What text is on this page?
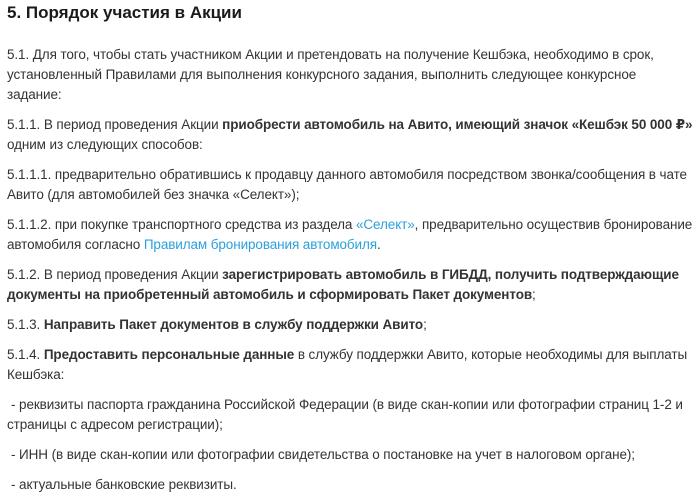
5. Порядок участия в Акции

5.1. Для того, чтобы стать участником Акции и претендовать на получение Кешбэка, необходимо в срок, установленный Правилами для выполнения конкурсного задания, выполнить следующее конкурсное задание:

5.1.1. В период проведения Акции приобрести автомобиль на Авито, имеющий значок «Кешбэк 50 000 ₽» одним из следующих способов:

5.1.1.1. предварительно обратившись к продавцу данного автомобиля посредством звонка/сообщения в чате Авито (для автомобилей без значка «Селект»);

5.1.1.2. при покупке транспортного средства из раздела «Селект», предварительно осуществив бронирование автомобиля согласно Правилам бронирования автомобиля.

5.1.2. В период проведения Акции зарегистрировать автомобиль в ГИБДД, получить подтверждающие документы на приобретенный автомобиль и сформировать Пакет документов;

5.1.3. Направить Пакет документов в службу поддержки Авито;

5.1.4. Предоставить персональные данные в службу поддержки Авито, которые необходимы для выплаты Кешбэка:

- реквизиты паспорта гражданина Российской Федерации (в виде скан-копии или фотографии страниц 1-2 и страницы с адресом регистрации);

- ИНН (в виде скан-копии или фотографии свидетельства о постановке на учет в налоговом органе);

- актуальные банковские реквизиты.
